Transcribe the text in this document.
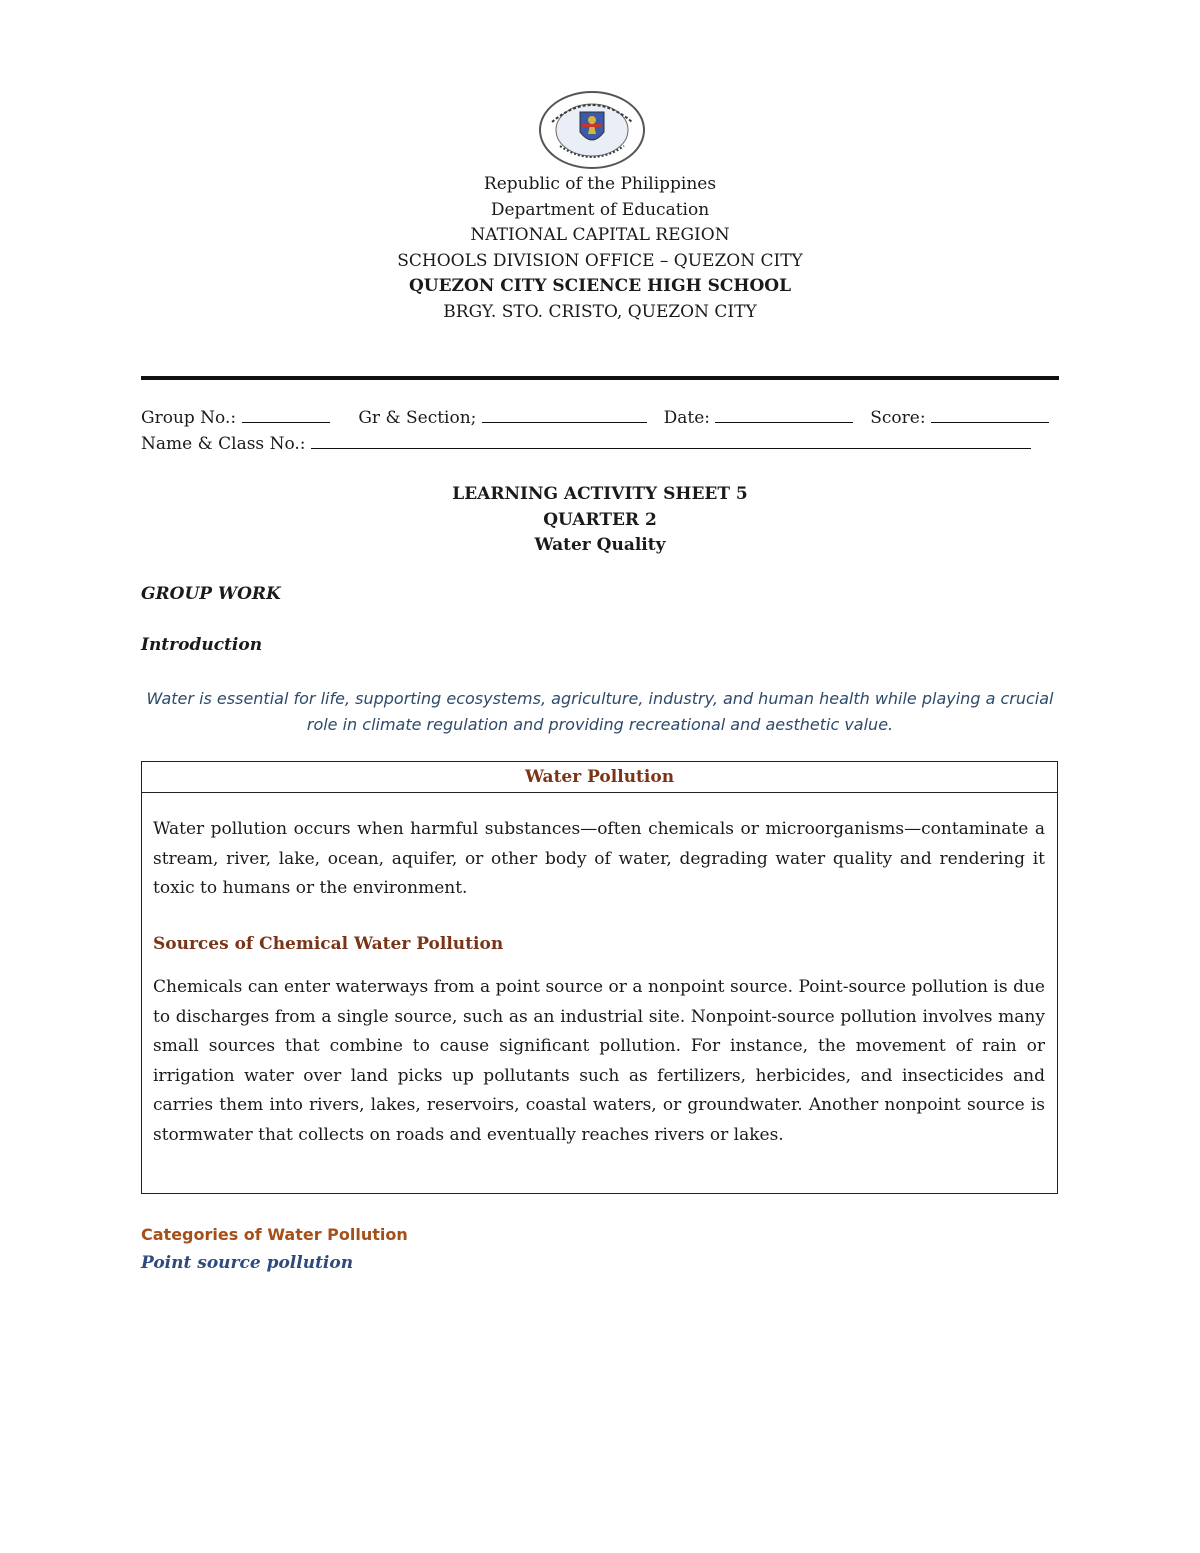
Republic of the Philippines
Department of Education
NATIONAL CAPITAL REGION
SCHOOLS DIVISION OFFICE – QUEZON CITY
QUEZON CITY SCIENCE HIGH SCHOOL
BRGY. STO. CRISTO, QUEZON CITY
Group No.:	Gr & Section;	Date:	Score:
Name & Class No.:
LEARNING ACTIVITY SHEET 5
QUARTER 2
Water Quality
GROUP WORK
Introduction
Water is essential for life, supporting ecosystems, agriculture, industry, and human health while playing a crucial role in climate regulation and providing recreational and aesthetic value.
Water Pollution

Water pollution occurs when harmful substances—often chemicals or microorganisms—contaminate a stream, river, lake, ocean, aquifer, or other body of water, degrading water quality and rendering it toxic to humans or the environment.

Sources of Chemical Water Pollution

Chemicals can enter waterways from a point source or a nonpoint source. Point-source pollution is due to discharges from a single source, such as an industrial site. Nonpoint-source pollution involves many small sources that combine to cause significant pollution. For instance, the movement of rain or irrigation water over land picks up pollutants such as fertilizers, herbicides, and insecticides and carries them into rivers, lakes, reservoirs, coastal waters, or groundwater. Another nonpoint source is stormwater that collects on roads and eventually reaches rivers or lakes.

Categories of Water Pollution
Point source pollution
